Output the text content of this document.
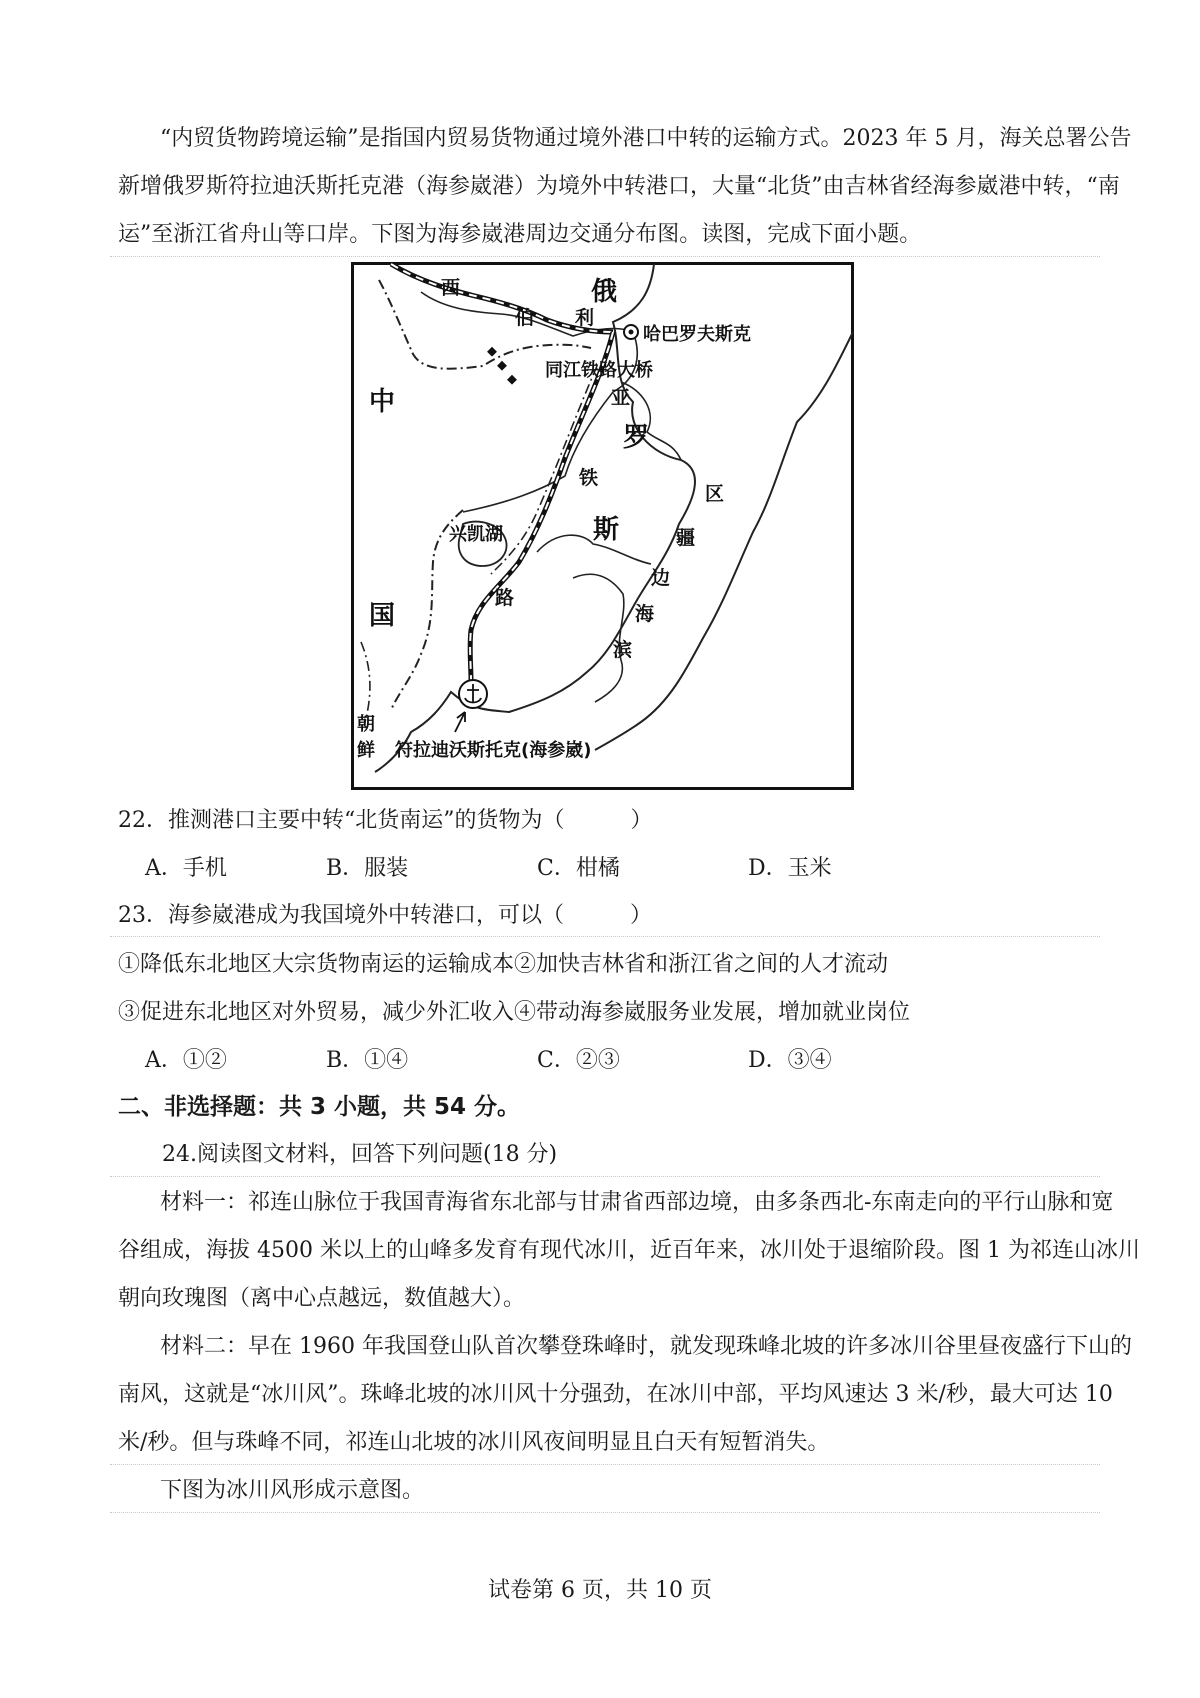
“内贸货物跨境运输”是指国内贸易货物通过境外港口中转的运输方式。2023 年 5 月，海关总署公告
新增俄罗斯符拉迪沃斯托克港（海参崴港）为境外中转港口，大量“北货”由吉林省经海参崴港中转，“南
运”至浙江省舟山等口岸。下图为海参崴港周边交通分布图。读图，完成下面小题。
西
伯 利
俄
哈巴罗夫斯克
同江铁路大桥
亚
罗
铁
斯
路
区
疆
边
海
滨
中
国
兴凯湖
朝
鲜 符拉迪沃斯托克(海参崴)
22．推测港口主要中转“北货南运”的货物为（　　　）
A．手机	B．服装	C．柑橘	D．玉米
23．海参崴港成为我国境外中转港口，可以（　　　）
①降低东北地区大宗货物南运的运输成本②加快吉林省和浙江省之间的人才流动
③促进东北地区对外贸易，减少外汇收入④带动海参崴服务业发展，增加就业岗位
A．①②	B．①④	C．②③	D．③④
二、非选择题：共 3 小题，共 54 分。
24.阅读图文材料，回答下列问题(18 分)
材料一：祁连山脉位于我国青海省东北部与甘肃省西部边境，由多条西北-东南走向的平行山脉和宽
谷组成，海拔 4500 米以上的山峰多发育有现代冰川，近百年来，冰川处于退缩阶段。图 1 为祁连山冰川
朝向玫瑰图（离中心点越远，数值越大）。
材料二：早在 1960 年我国登山队首次攀登珠峰时，就发现珠峰北坡的许多冰川谷里昼夜盛行下山的
南风，这就是“冰川风”。珠峰北坡的冰川风十分强劲，在冰川中部，平均风速达 3 米/秒，最大可达 10
米/秒。但与珠峰不同，祁连山北坡的冰川风夜间明显且白天有短暂消失。
下图为冰川风形成示意图。
试卷第 6 页，共 10 页
